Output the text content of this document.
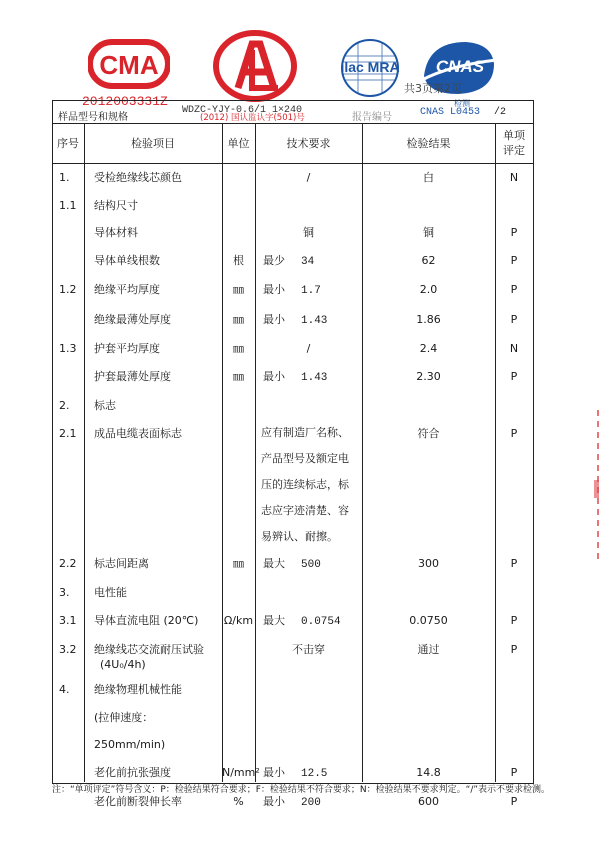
CMA	ilac MRA CNAS
2012003331Z
样品型号和规格
WDZC-YJY-0.6/1 1×240
(2012) 国认监认字(501)号	报告编号
共3页第2页
检测
CNAS L0453 /2
序号	检验项目	单位	技术要求	检验结果	单项
评定
1.	受检绝缘线芯颜色		/	白	N
1.1	结构尺寸				
	导体材料		铜	铜	P
	导体单线根数	根	最少 34	62	P
1.2	绝缘平均厚度	㎜	最小 1.7	2.0	P
	绝缘最薄处厚度	㎜	最小 1.43	1.86	P
1.3	护套平均厚度	㎜	/	2.4	N
	护套最薄处厚度	㎜	最小 1.43	2.30	P
2.	标志				
2.1	成品电缆表面标志		应有制造厂名称、
产品型号及额定电
压的连续标志，标
志应字迹清楚、容
易辨认、耐擦。	符合	P
2.2	标志间距离	㎜	最大 500	300	P
3.	电性能				
3.1	导体直流电阻 (20℃)	Ω/km	最大 0.0754	0.0750	P
3.2	绝缘线芯交流耐压试验
(4U₀/4h)		不击穿	通过	P
4.	绝缘物理机械性能				
	(拉伸速度：250mm/min)				
	老化前抗张强度	N/mm²	最小 12.5	14.8	P
	老化前断裂伸长率	%	最小 200	600	P
注：“单项评定”符号含义：P：检验结果符合要求；F：检验结果不符合要求；N：检验结果不要求判定。“/”表示不要求检测。
